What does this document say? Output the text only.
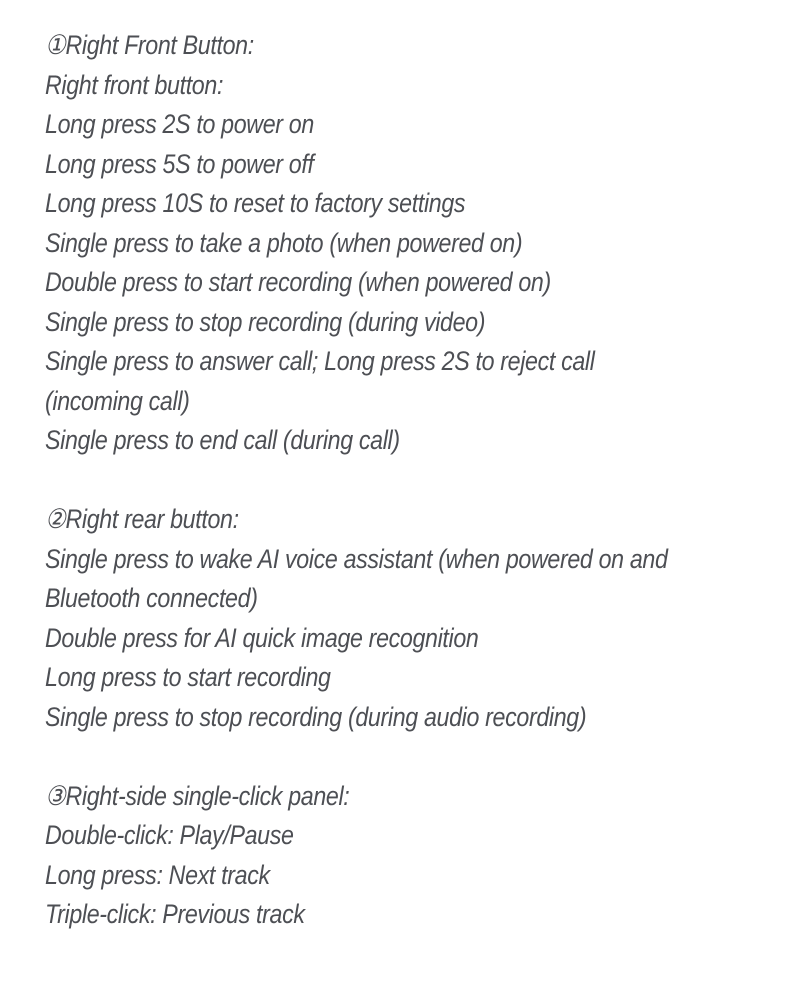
①Right Front Button:
Right front button:
Long press 2S to power on
Long press 5S to power off
Long press 10S to reset to factory settings
Single press to take a photo (when powered on)
Double press to start recording (when powered on)
Single press to stop recording (during video)
Single press to answer call; Long press 2S to reject call
(incoming call)
Single press to end call (during call)
②Right rear button:
Single press to wake AI voice assistant (when powered on and
Bluetooth connected)
Double press for AI quick image recognition
Long press to start recording
Single press to stop recording (during audio recording)
③Right-side single-click panel:
Double-click: Play/Pause
Long press: Next track
Triple-click: Previous track
